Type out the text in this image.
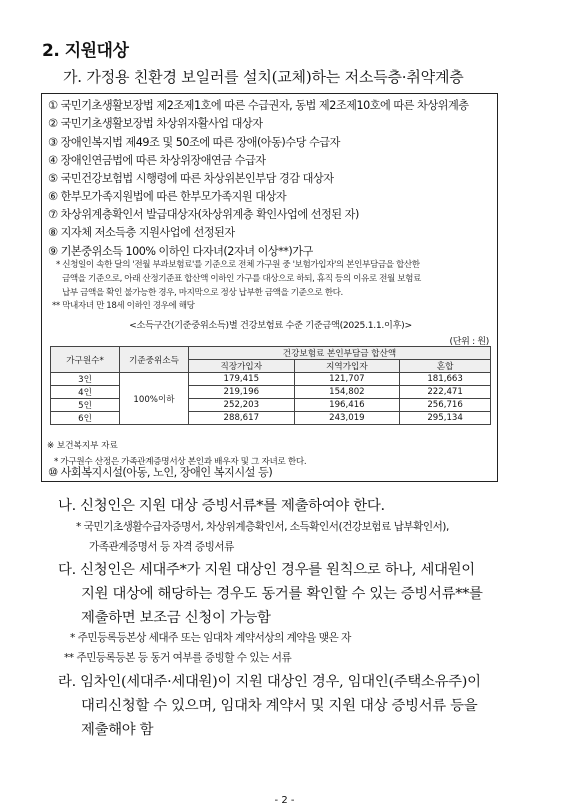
2. 지원대상
가. 가정용 친환경 보일러를 설치(교체)하는 저소득층·취약계층
① 국민기초생활보장법 제2조제1호에 따른 수급권자, 동법 제2조제10호에 따른 차상위계층
② 국민기초생활보장법 차상위자활사업 대상자
③ 장애인복지법 제49조 및 50조에 따른 장애(아동)수당 수급자
④ 장애인연금법에 따른 차상위장애연금 수급자
⑤ 국민건강보험법 시행령에 따른 차상위본인부담 경감 대상자
⑥ 한부모가족지원법에 따른 한부모가족지원 대상자
⑦ 차상위계층확인서 발급대상자(차상위계층 확인사업에 선정된 자)
⑧ 지자체 저소득층 지원사업에 선정된자
⑨ 기본중위소득 100% 이하인 다자녀(2자녀 이상**)가구
* 신청일이 속한 달의 '전월 부과보험료'를 기준으로 전체 가구원 중 '보험가입자'의 본인부담금을 합산한
금액을 기준으로, 아래 산정기준표 합산액 이하인 가구를 대상으로 하되, 휴직 등의 이유로 전월 보험료
납부 금액을 확인 불가능한 경우, 마지막으로 정상 납부한 금액을 기준으로 한다.
** 막내자녀 만 18세 이하인 경우에 해당
<소득구간(기준중위소득)별 건강보험료 수준 기준금액(2025.1.1.이후)>
(단위 : 원)
가구원수*	기준중위소득	건강보험료 본인부담금 합산액		
		직장가입자	지역가입자	혼합
3인	100%이하	179,415	121,707	181,663
4인		219,196	154,802	222,471
5인		252,203	196,416	256,716
6인		288,617	243,019	295,134
※ 보건복지부 자료
* 가구원수 산정은 가족관계증명서상 본인과 배우자 및 그 자녀로 한다.
⑩ 사회복지시설(아동, 노인, 장애인 복지시설 등)
나. 신청인은 지원 대상 증빙서류*를 제출하여야 한다.
* 국민기초생활수급자증명서, 차상위계층확인서, 소득확인서(건강보험료 납부확인서),
가족관계증명서 등 자격 증빙서류
다. 신청인은 세대주*가 지원 대상인 경우를 원칙으로 하나, 세대원이
지원 대상에 해당하는 경우도 동거를 확인할 수 있는 증빙서류**를
제출하면 보조금 신청이 가능함
* 주민등록등본상 세대주 또는 임대차 계약서상의 계약을 맺은 자
** 주민등록등본 등 동거 여부를 증빙할 수 있는 서류
라. 임차인(세대주·세대원)이 지원 대상인 경우, 임대인(주택소유주)이
대리신청할 수 있으며, 임대차 계약서 및 지원 대상 증빙서류 등을
제출해야 함
- 2 -
